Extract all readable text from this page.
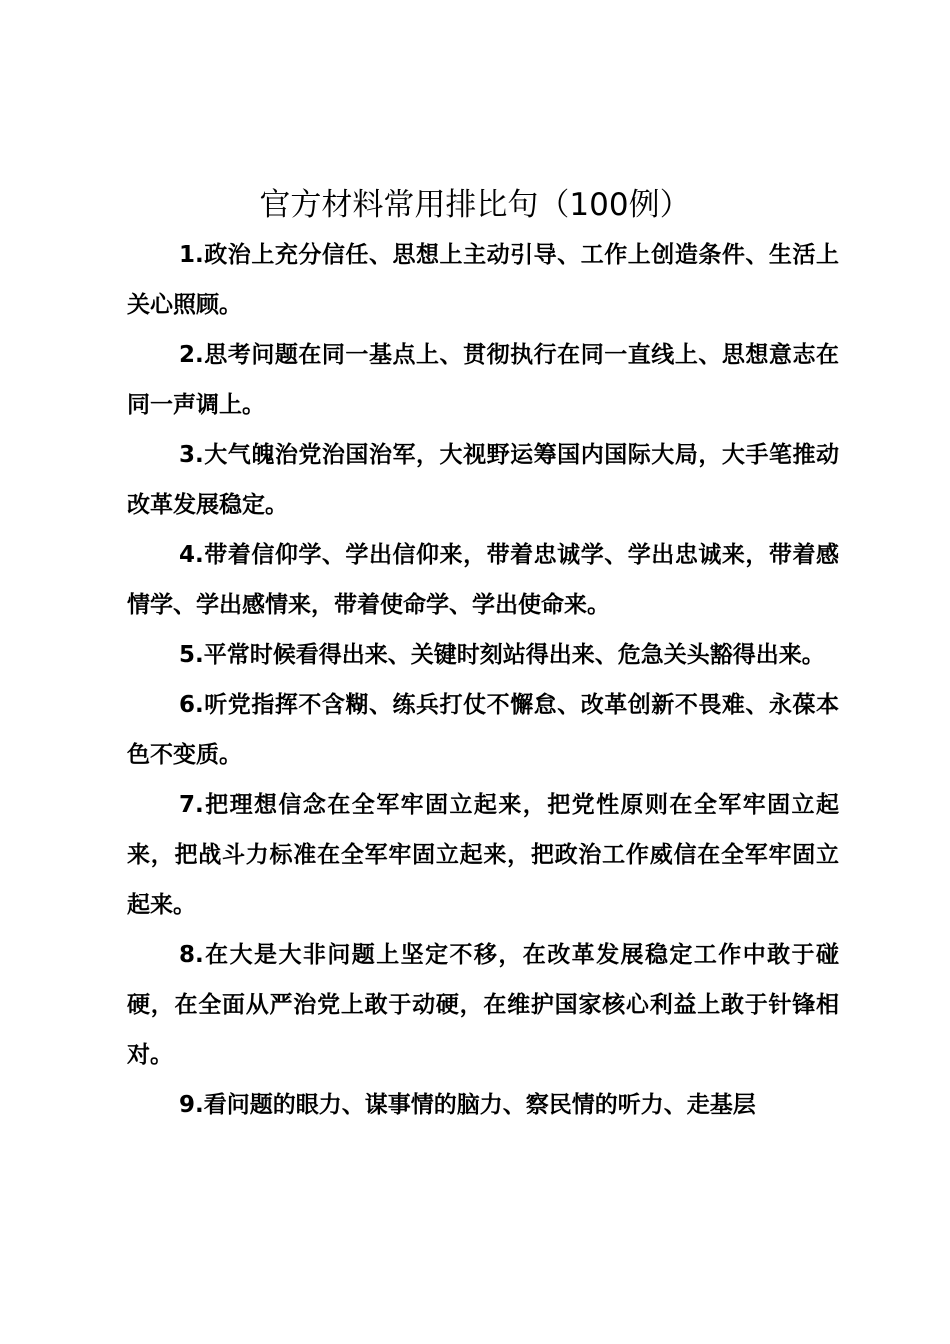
官方材料常用排比句（100例）

1.政治上充分信任、思想上主动引导、工作上创造条件、生活上关心照顾。

2.思考问题在同一基点上、贯彻执行在同一直线上、思想意志在同一声调上。

3.大气魄治党治国治军，大视野运筹国内国际大局，大手笔推动改革发展稳定。

4.带着信仰学、学出信仰来，带着忠诚学、学出忠诚来，带着感情学、学出感情来，带着使命学、学出使命来。

5.平常时候看得出来、关键时刻站得出来、危急关头豁得出来。

6.听党指挥不含糊、练兵打仗不懈怠、改革创新不畏难、永葆本色不变质。

7.把理想信念在全军牢固立起来，把党性原则在全军牢固立起来，把战斗力标准在全军牢固立起来，把政治工作威信在全军牢固立起来。

8.在大是大非问题上坚定不移，在改革发展稳定工作中敢于碰硬，在全面从严治党上敢于动硬，在维护国家核心利益上敢于针锋相对。

9.看问题的眼力、谋事情的脑力、察民情的听力、走基层
